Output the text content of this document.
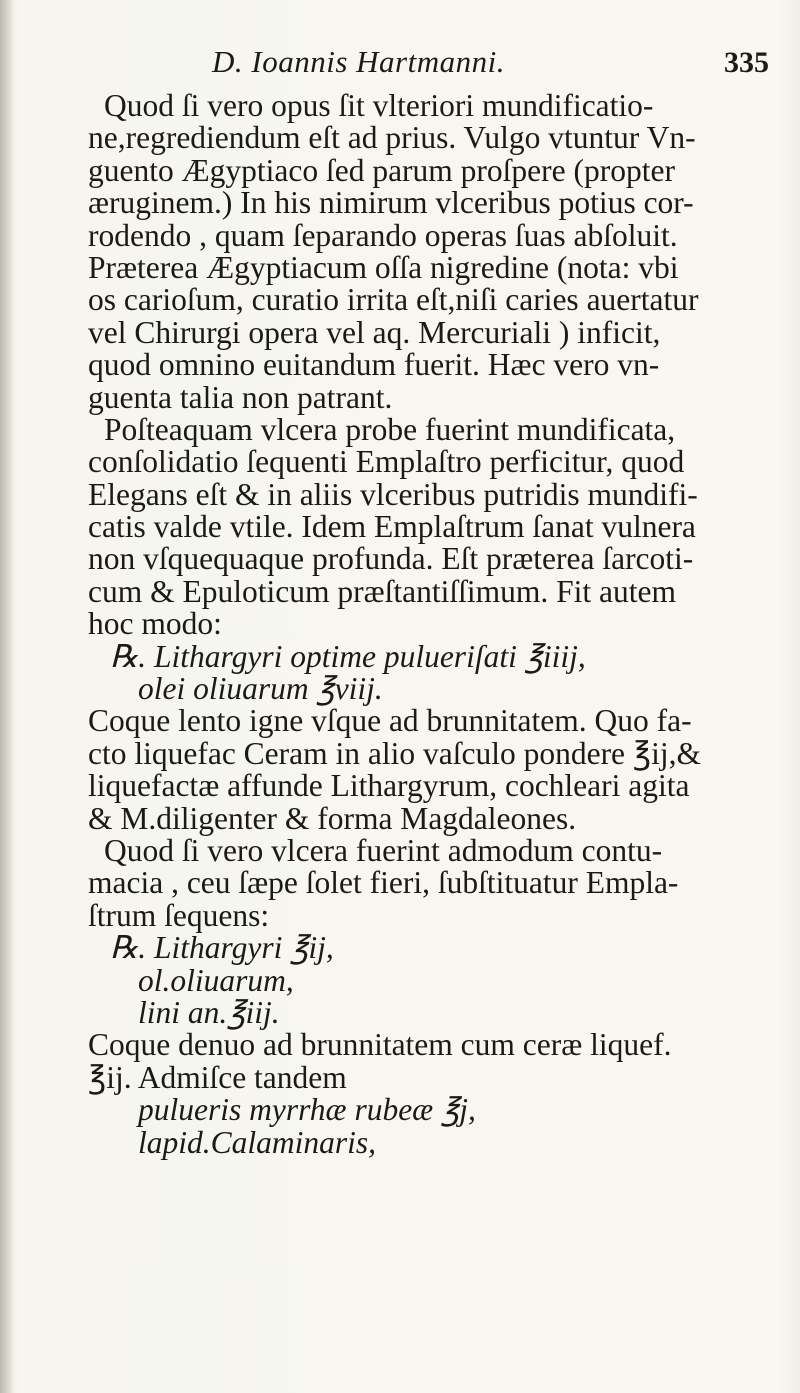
D. Ioannis Hartmanni.	335
Quod ſi vero opus ſit vlteriori mundificatio-
ne,regrediendum eſt ad prius. Vulgo vtuntur Vn-
guento Ægyptiaco ſed parum proſpere (propter
æruginem.) In his nimirum vlceribus potius cor-
rodendo , quam ſeparando operas ſuas abſoluit.
Præterea Ægyptiacum oſſa nigredine (nota: vbi
os carioſum, curatio irrita eſt,niſi caries auertatur
vel Chirurgi opera vel aq. Mercuriali ) inficit,
quod omnino euitandum fuerit. Hæc vero vn-
guenta talia non patrant.
Poſteaquam vlcera probe fuerint mundificata,
conſolidatio ſequenti Emplaſtro perficitur, quod
Elegans eſt & in aliis vlceribus putridis mundifi-
catis valde vtile. Idem Emplaſtrum ſanat vulnera
non vſquequaque profunda. Eſt præterea ſarcoti-
cum & Epuloticum præſtantiſſimum. Fit autem
hoc modo:
℞. Lithargyri optime pulueriſati ℥iiij,
olei oliuarum ℥viij.
Coque lento igne vſque ad brunnitatem. Quo fa-
cto liquefac Ceram in alio vaſculo pondere ℥ij,&
liquefactæ affunde Lithargyrum, cochleari agita
& M.diligenter & forma Magdaleones.
Quod ſi vero vlcera fuerint admodum contu-
macia , ceu ſæpe ſolet fieri, ſubſtituatur Empla-
ſtrum ſequens:
℞. Lithargyri ℥ij,
ol.oliuarum,
lini an.℥iij.
Coque denuo ad brunnitatem cum ceræ liquef.
℥ij. Admiſce tandem
pulueris myrrhæ rubeæ ℥j,
lapid.Calaminaris,
